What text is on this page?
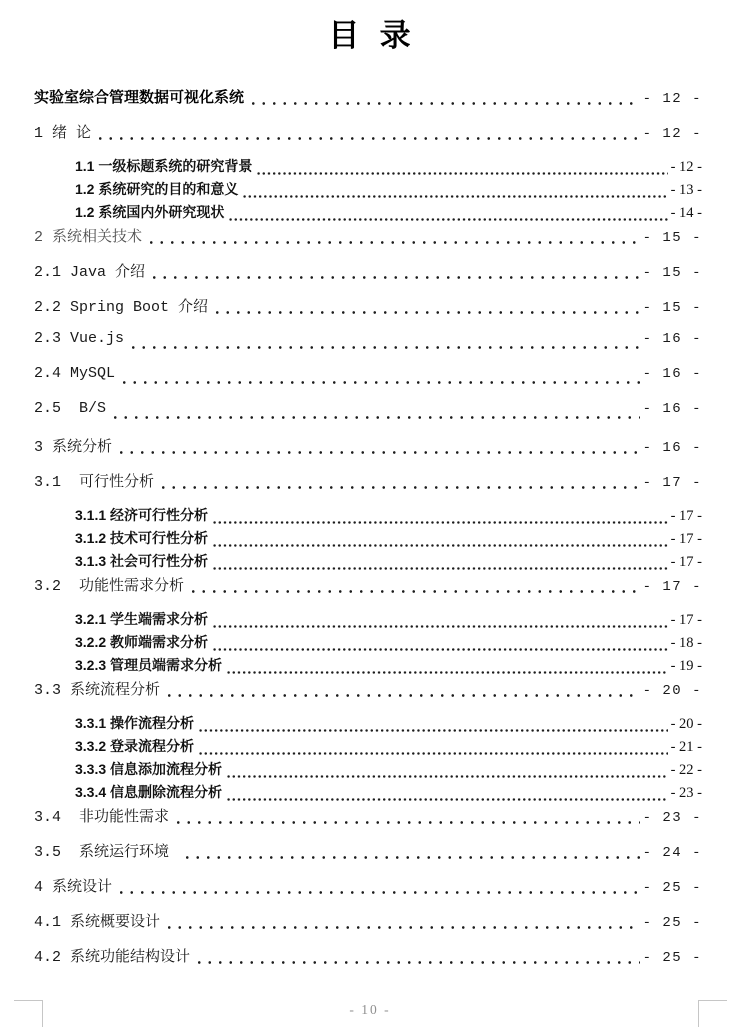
目  录
实验室综合管理数据可视化系统	- 12 -
1 绪 论	- 12 -
1.1 一级标题系统的研究背景	- 12 -
1.2 系统研究的目的和意义	- 13 -
1.2 系统国内外研究现状	- 14 -
2 系统相关技术	- 15 -
2.1 Java 介绍	- 15 -
2.2 Spring Boot 介绍	- 15 -
2.3 Vue.js	- 16 -
2.4 MySQL	- 16 -
2.5  B/S	- 16 -
3 系统分析	- 16 -
3.1  可行性分析	- 17 -
3.1.1 经济可行性分析	- 17 -
3.1.2 技术可行性分析	- 17 -
3.1.3 社会可行性分析	- 17 -
3.2  功能性需求分析	- 17 -
3.2.1 学生端需求分析	- 17 -
3.2.2 教师端需求分析	- 18 -
3.2.3 管理员端需求分析	- 19 -
3.3 系统流程分析	- 20 -
3.3.1 操作流程分析	- 20 -
3.3.2 登录流程分析	- 21 -
3.3.3 信息添加流程分析	- 22 -
3.3.4 信息删除流程分析	- 23 -
3.4  非功能性需求	- 23 -
3.5  系统运行环境	- 24 -
4 系统设计	- 25 -
4.1 系统概要设计	- 25 -
4.2 系统功能结构设计	- 25 -
- 10 -
